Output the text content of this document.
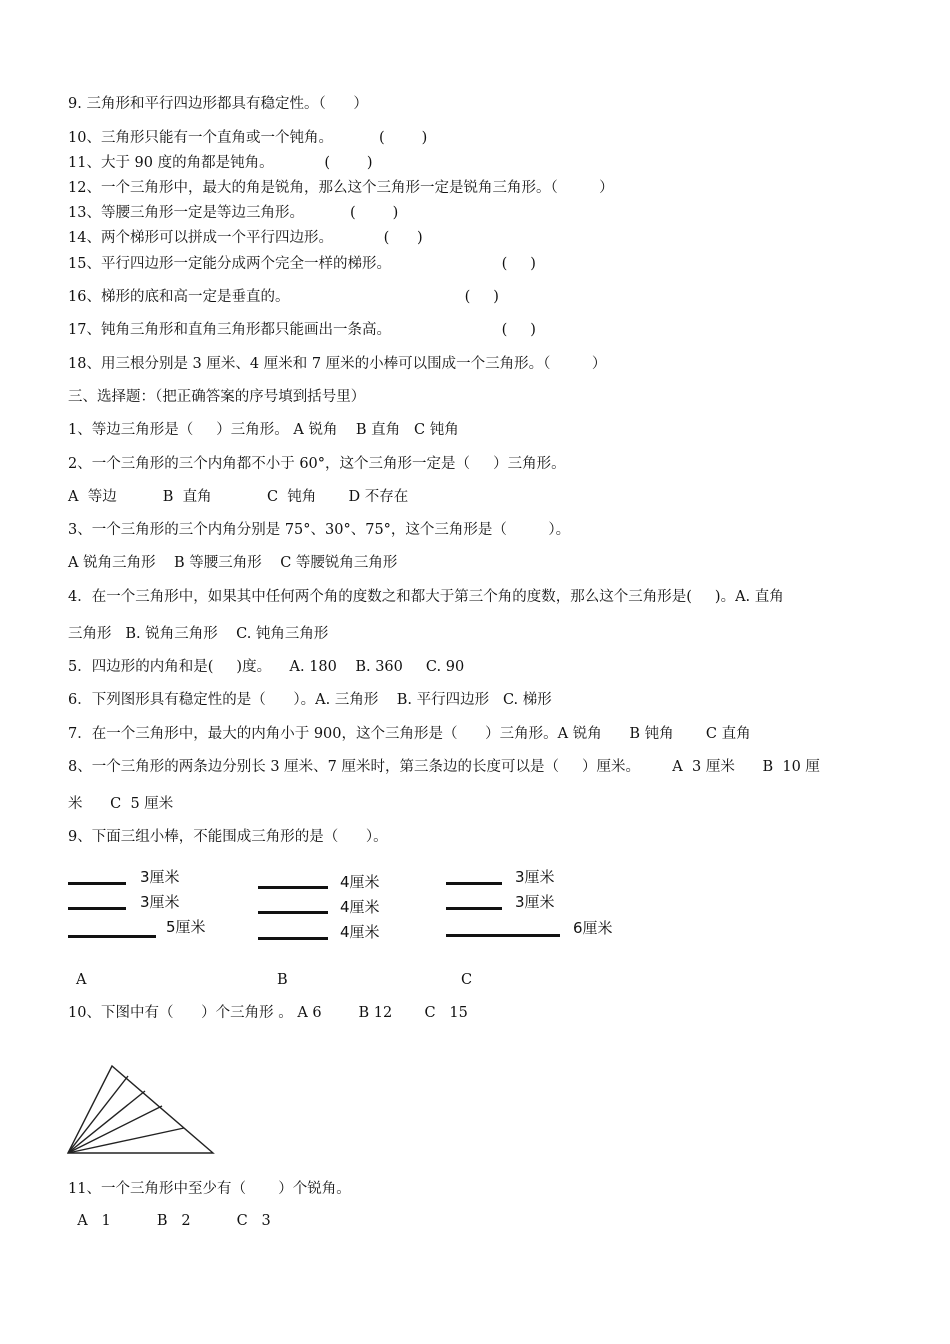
9. 三角形和平行四边形都具有稳定性。（      ）
10、三角形只能有一个直角或一个钝角。          (        )
11、大于 90 度的角都是钝角。           (        )
12、一个三角形中，最大的角是锐角，那么这个三角形一定是锐角三角形。（         ）
13、等腰三角形一定是等边三角形。          (        )
14、两个梯形可以拼成一个平行四边形。           (      )
15、平行四边形一定能分成两个完全一样的梯形。                        (     )
16、梯形的底和高一定是垂直的。                                      (     )
17、钝角三角形和直角三角形都只能画出一条高。                        (     )
18、用三根分别是 3 厘米、4 厘米和 7 厘米的小棒可以围成一个三角形。（         ）
三、选择题：（把正确答案的序号填到括号里）
1、等边三角形是（     ）三角形。 A 锐角    B 直角   C 钝角
2、一个三角形的三个内角都不小于 60°，这个三角形一定是（     ）三角形。
A  等边          B  直角            C  钝角       D 不存在
3、一个三角形的三个内角分别是 75°、30°、75°，这个三角形是（         ）。
A 锐角三角形    B 等腰三角形    C 等腰锐角三角形
4．在一个三角形中，如果其中任何两个角的度数之和都大于第三个角的度数，那么这个三角形是(     )。A. 直角
三角形   B. 锐角三角形    C. 钝角三角形
5．四边形的内角和是(     )度。    A. 180    B. 360     C. 90
6．下列图形具有稳定性的是（      ）。A. 三角形    B. 平行四边形   C. 梯形
7．在一个三角形中，最大的内角小于 900，这个三角形是（      ）三角形。A 锐角      B 钝角       C 直角
8、一个三角形的两条边分别长 3 厘米、7 厘米时，第三条边的长度可以是（     ）厘米。       A  3 厘米      B  10 厘
米      C  5 厘米
9、下面三组小棒，不能围成三角形的是（      ）。
3厘米
3厘米
5厘米
4厘米
4厘米
4厘米
3厘米
3厘米
6厘米
A	B	C
10、下图中有（      ）个三角形 。 A 6        B 12       C   15
11、一个三角形中至少有（       ）个锐角。
A   1          B   2          C   3
